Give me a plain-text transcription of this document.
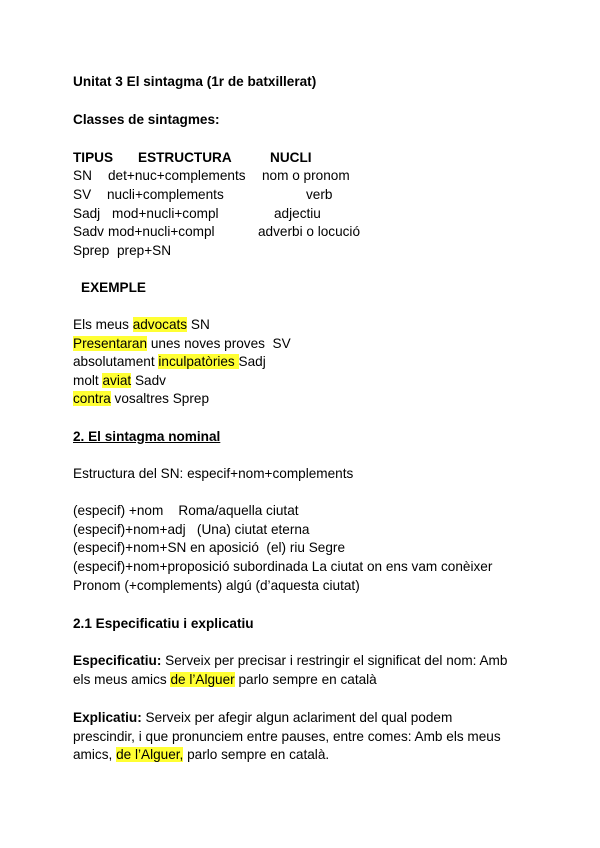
Unitat 3 El sintagma (1r de batxillerat)
Classes de sintagmes:
TIPUS ESTRUCTURA	NUCLI
SN det+nuc+complements nom o pronom
SV nucli+complements	verb
Sadj mod+nucli+compl	adjectiu
Sadv mod+nucli+compl	adverbi o locució
Sprep prep+SN
EXEMPLE
Els meus advocats SN
Presentaran unes noves proves  SV
absolutament inculpatòries Sadj
molt aviat Sadv
contra vosaltres Sprep
2. El sintagma nominal
Estructura del SN: especif+nom+complements
(especif) +nom    Roma/aquella ciutat
(especif)+nom+adj   (Una) ciutat eterna
(especif)+nom+SN en aposició  (el) riu Segre
(especif)+nom+proposició subordinada La ciutat on ens vam conèixer
Pronom (+complements) algú (d’aquesta ciutat)
2.1 Especificatiu i explicatiu
Especificatiu: Serveix per precisar i restringir el significat del nom: Amb
els meus amics de l’Alguer parlo sempre en català
Explicatiu: Serveix per afegir algun aclariment del qual podem
prescindir, i que pronunciem entre pauses, entre comes: Amb els meus
amics, de l’Alguer, parlo sempre en català.
